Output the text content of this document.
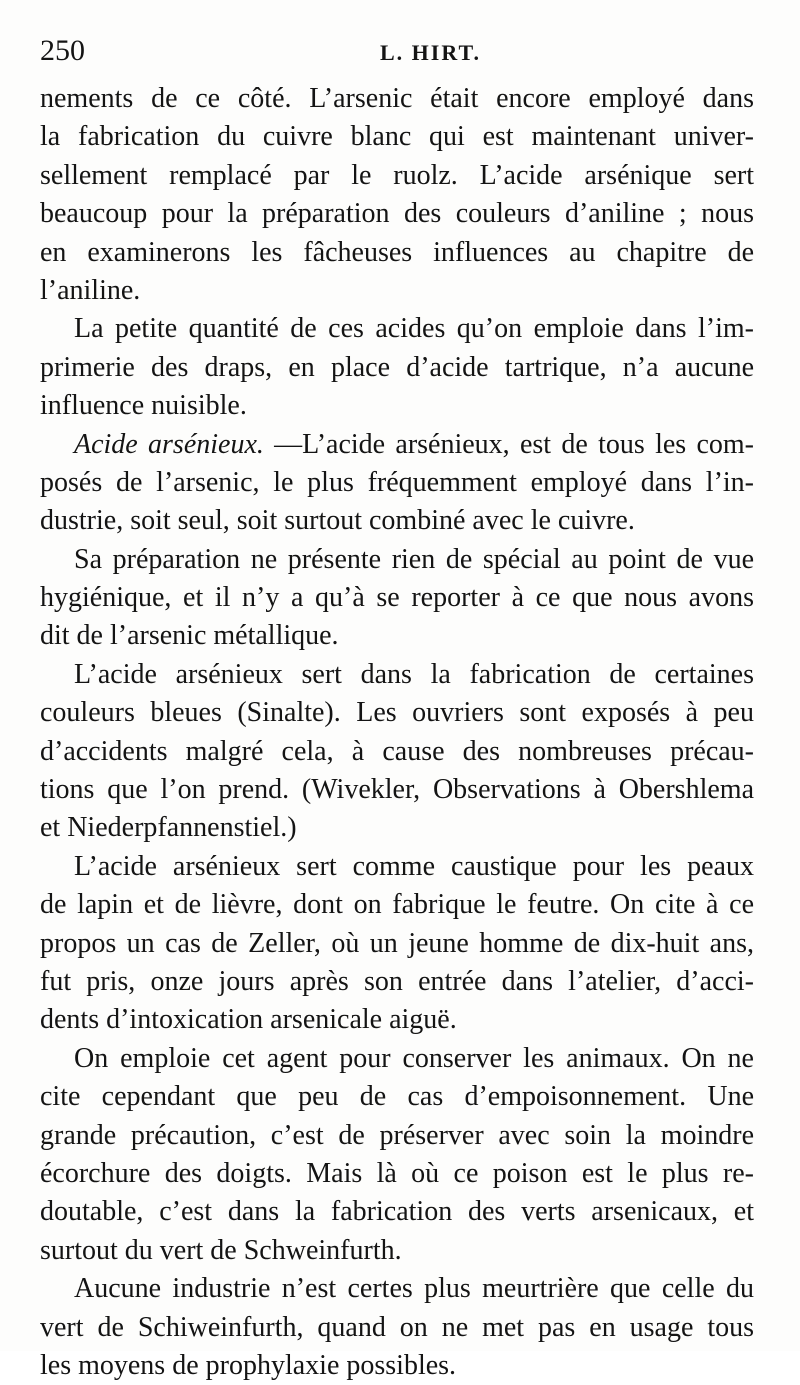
250	L. HIRT.
nements de ce côté. L’arsenic était encore employé dans
la fabrication du cuivre blanc qui est maintenant univer-
sellement remplacé par le ruolz. L’acide arsénique sert
beaucoup pour la préparation des couleurs d’aniline ; nous
en examinerons les fâcheuses influences au chapitre de
l’aniline.
La petite quantité de ces acides qu’on emploie dans l’im-
primerie des draps, en place d’acide tartrique, n’a aucune
influence nuisible.
Acide arsénieux. —L’acide arsénieux, est de tous les com-
posés de l’arsenic, le plus fréquemment employé dans l’in-
dustrie, soit seul, soit surtout combiné avec le cuivre.
Sa préparation ne présente rien de spécial au point de vue
hygiénique, et il n’y a qu’à se reporter à ce que nous avons
dit de l’arsenic métallique.
L’acide arsénieux sert dans la fabrication de certaines
couleurs bleues (Sinalte). Les ouvriers sont exposés à peu
d’accidents malgré cela, à cause des nombreuses précau-
tions que l’on prend. (Wivekler, Observations à Obershlema
et Niederpfannenstiel.)
L’acide arsénieux sert comme caustique pour les peaux
de lapin et de lièvre, dont on fabrique le feutre. On cite à ce
propos un cas de Zeller, où un jeune homme de dix-huit ans,
fut pris, onze jours après son entrée dans l’atelier, d’acci-
dents d’intoxication arsenicale aiguë.
On emploie cet agent pour conserver les animaux. On ne
cite cependant que peu de cas d’empoisonnement. Une
grande précaution, c’est de préserver avec soin la moindre
écorchure des doigts. Mais là où ce poison est le plus re-
doutable, c’est dans la fabrication des verts arsenicaux, et
surtout du vert de Schweinfurth.
Aucune industrie n’est certes plus meurtrière que celle du
vert de Schiweinfurth, quand on ne met pas en usage tous
les moyens de prophylaxie possibles.
